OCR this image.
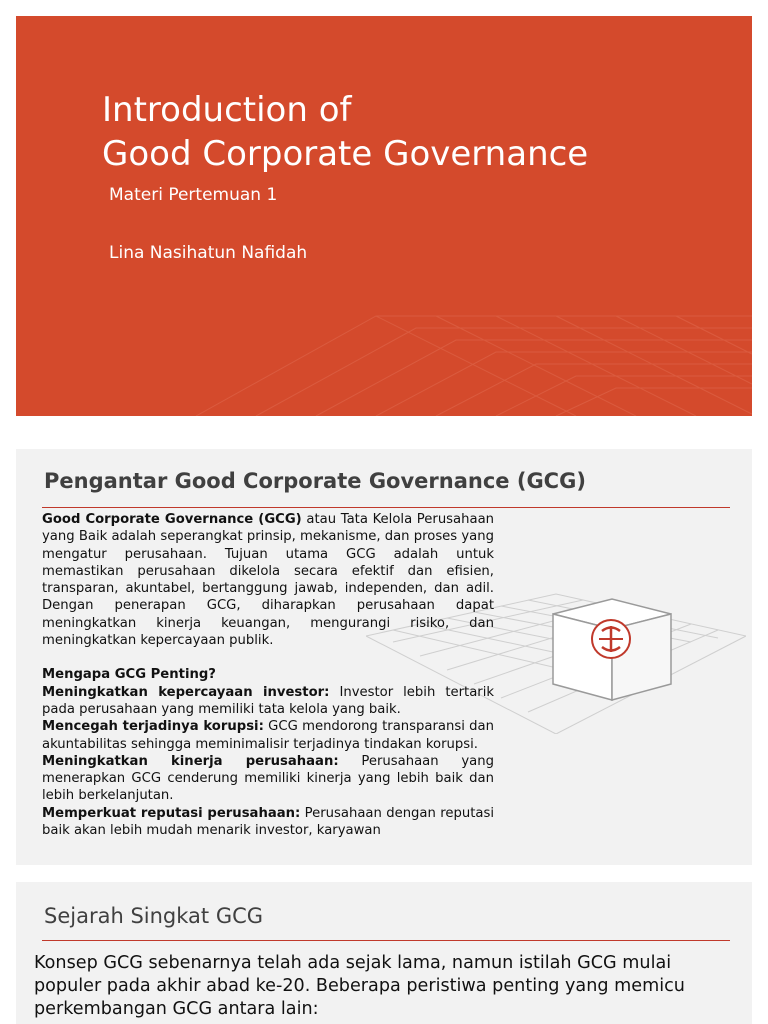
Introduction of
Good Corporate Governance
Materi Pertemuan 1
Lina Nasihatun Nafidah
Pengantar Good Corporate Governance (GCG)

Good Corporate Governance (GCG) atau Tata Kelola Perusahaan yang Baik adalah seperangkat prinsip, mekanisme, dan proses yang mengatur perusahaan. Tujuan utama GCG adalah untuk memastikan perusahaan dikelola secara efektif dan efisien, transparan, akuntabel, bertanggung jawab, independen, dan adil. Dengan penerapan GCG, diharapkan perusahaan dapat meningkatkan kinerja keuangan, mengurangi risiko, dan meningkatkan kepercayaan publik.

Mengapa GCG Penting?

Meningkatkan kepercayaan investor: Investor lebih tertarik pada perusahaan yang memiliki tata kelola yang baik.

Mencegah terjadinya korupsi: GCG mendorong transparansi dan akuntabilitas sehingga meminimalisir terjadinya tindakan korupsi.

Meningkatkan kinerja perusahaan: Perusahaan yang menerapkan GCG cenderung memiliki kinerja yang lebih baik dan lebih berkelanjutan.

Memperkuat reputasi perusahaan: Perusahaan dengan reputasi baik akan lebih mudah menarik investor, karyawan

Sejarah Singkat GCG
Konsep GCG sebenarnya telah ada sejak lama, namun istilah GCG mulai populer pada akhir abad ke-20. Beberapa peristiwa penting yang memicu perkembangan GCG antara lain:
